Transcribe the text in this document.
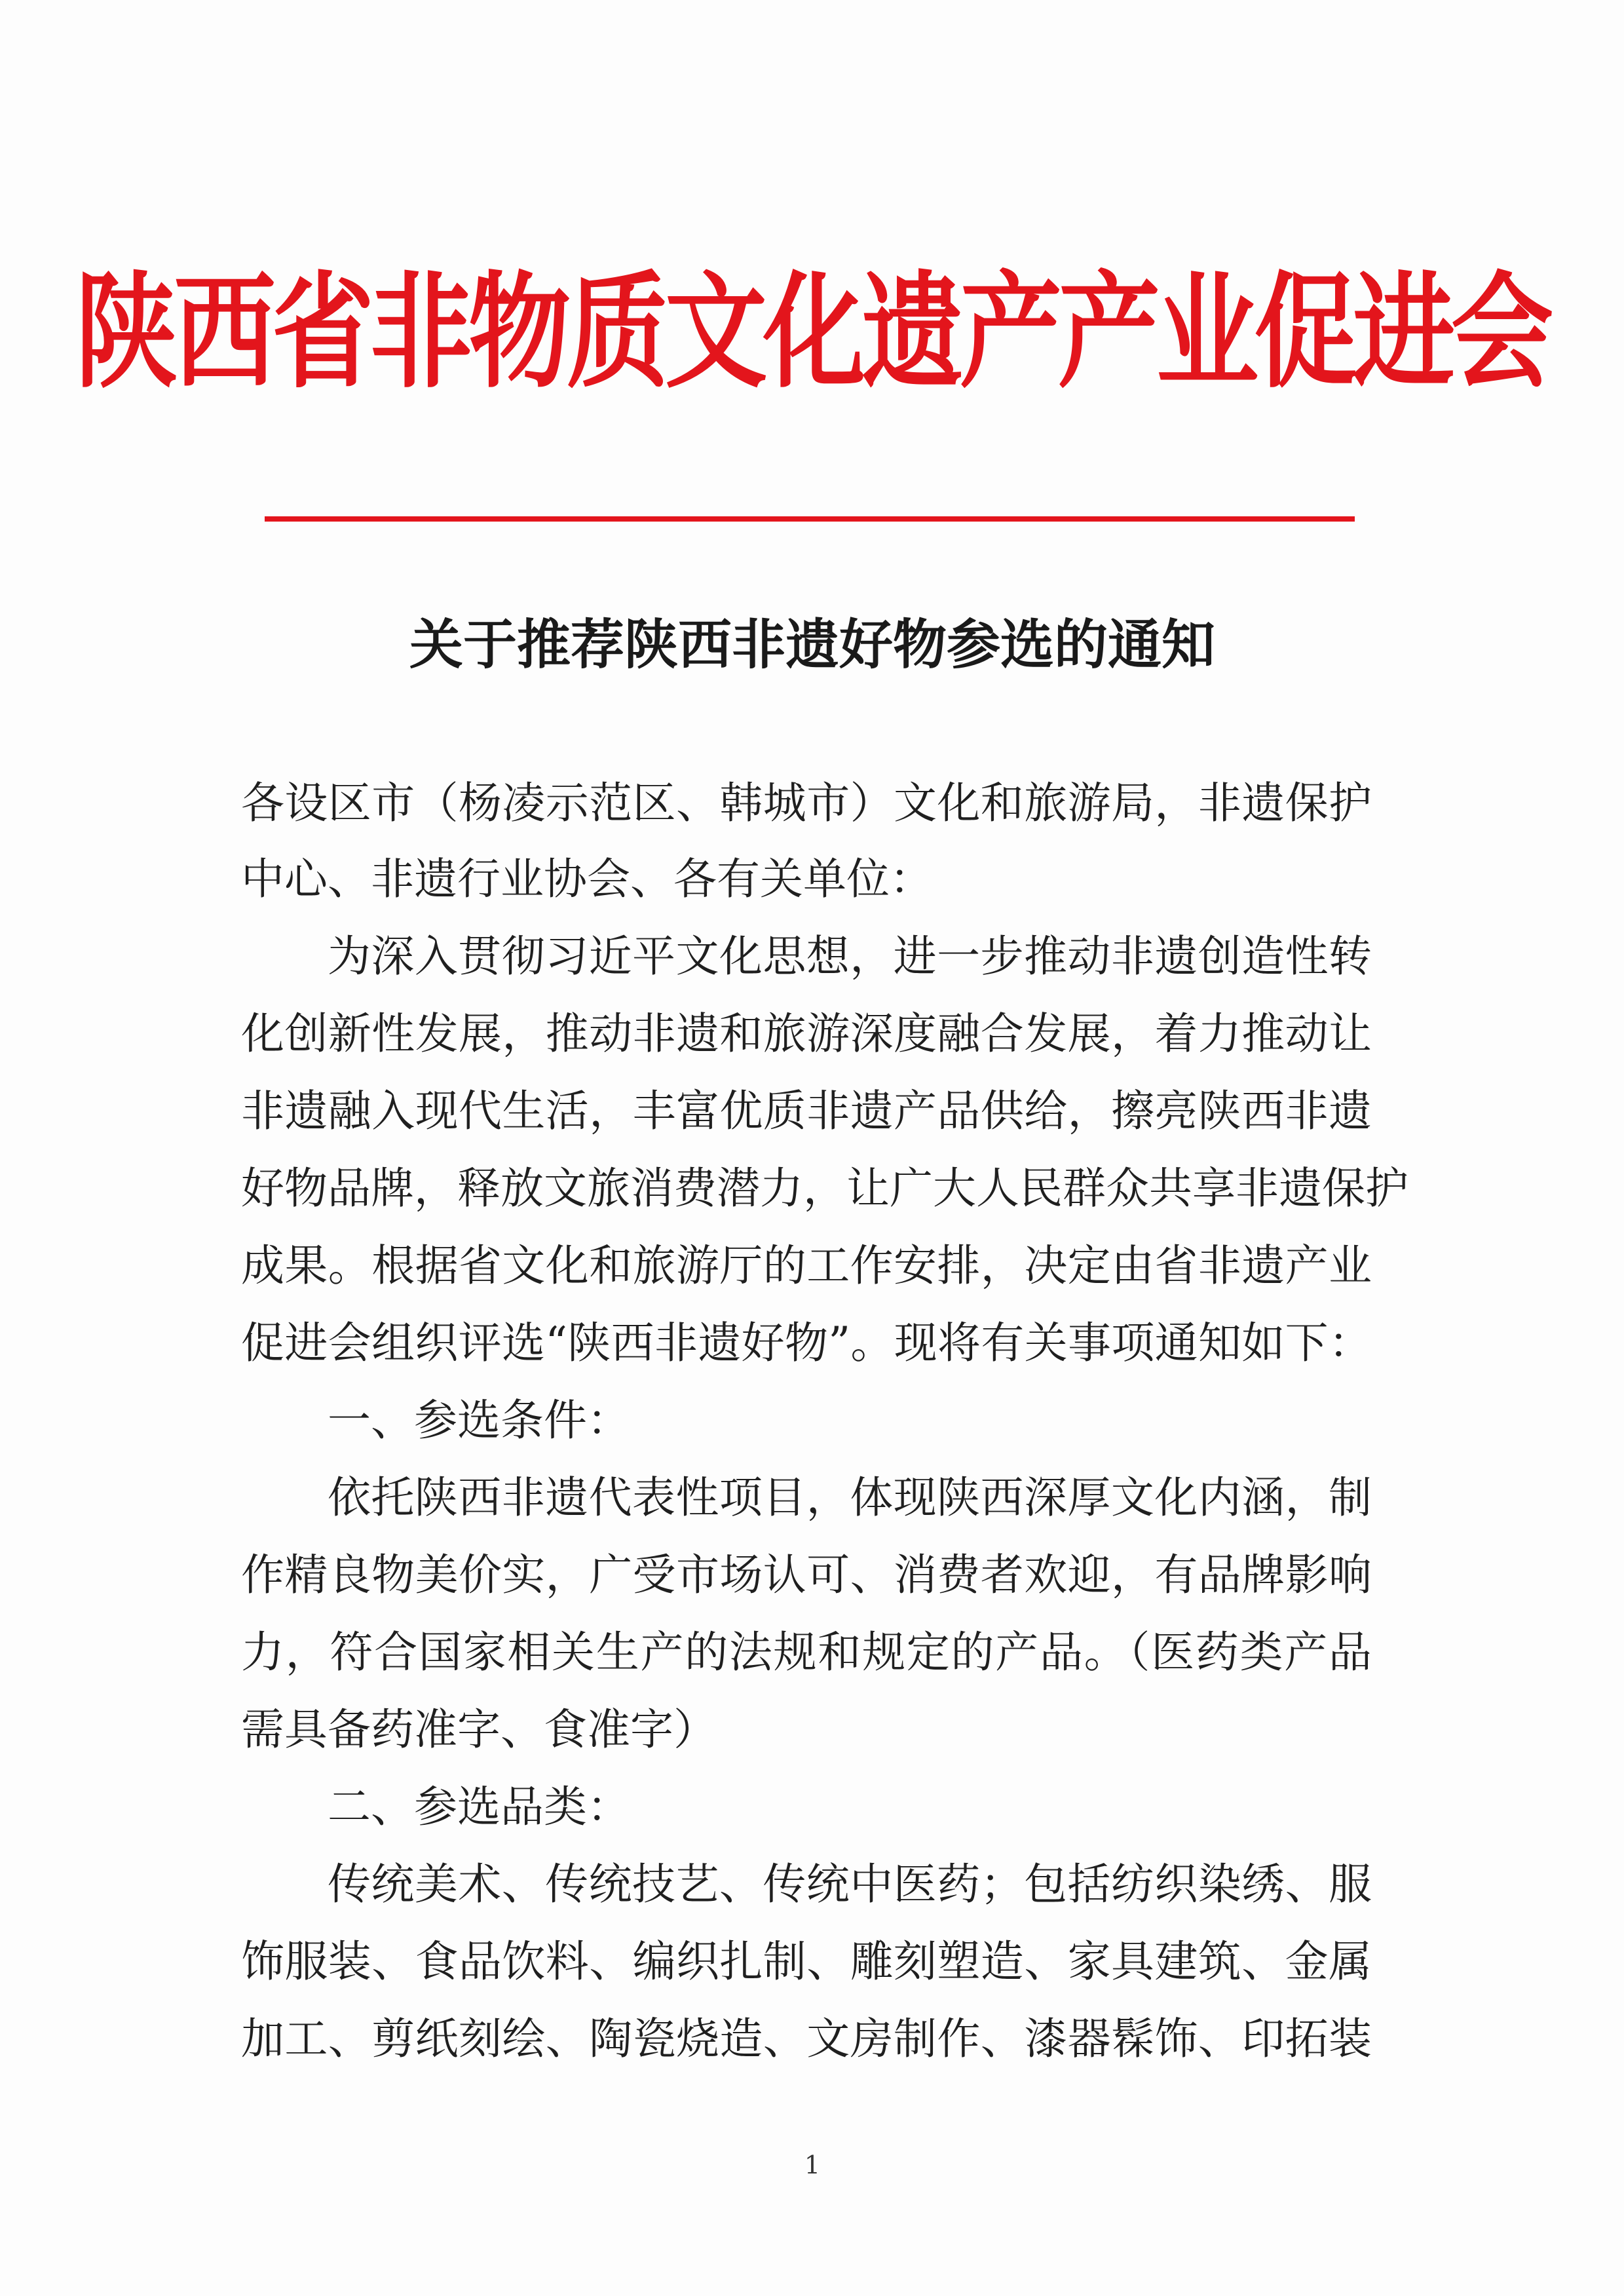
陕西省非物质文化遗产产业促进会
关于推荐陕西非遗好物参选的通知
各设区市（杨凌示范区、韩城市）文化和旅游局，非遗保护
中心、非遗行业协会、各有关单位：
为深入贯彻习近平文化思想，进一步推动非遗创造性转
化创新性发展，推动非遗和旅游深度融合发展，着力推动让
非遗融入现代生活，丰富优质非遗产品供给，擦亮陕西非遗
好物品牌，释放文旅消费潜力，让广大人民群众共享非遗保护
成果。根据省文化和旅游厅的工作安排，决定由省非遗产业
促进会组织评选“陕西非遗好物”。现将有关事项通知如下：
一、参选条件：
依托陕西非遗代表性项目，体现陕西深厚文化内涵，制
作精良物美价实，广受市场认可、消费者欢迎，有品牌影响
力，符合国家相关生产的法规和规定的产品。（医药类产品
需具备药准字、食准字）
二、参选品类：
传统美术、传统技艺、传统中医药；包括纺织染绣、服
饰服装、食品饮料、编织扎制、雕刻塑造、家具建筑、金属
加工、剪纸刻绘、陶瓷烧造、文房制作、漆器髹饰、印拓装
1
